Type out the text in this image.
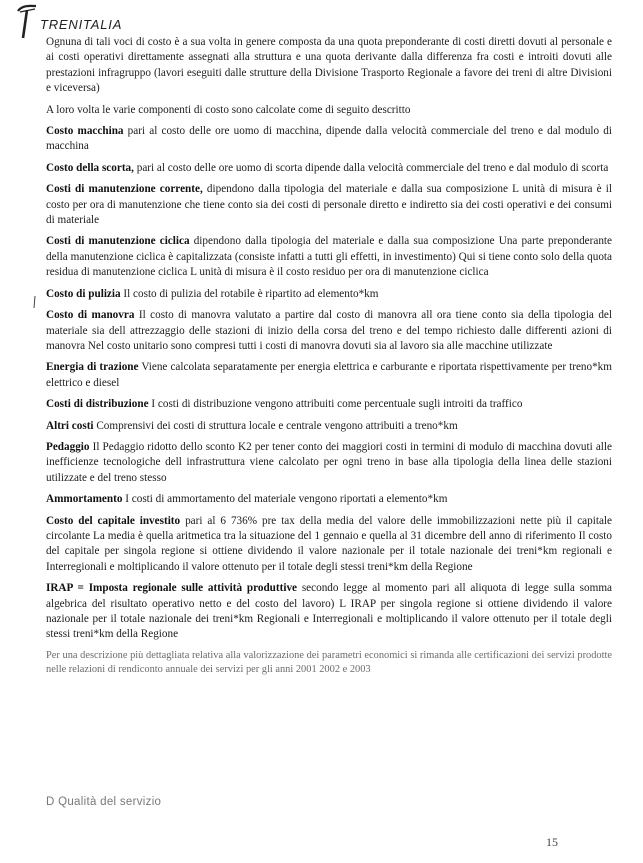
TRENITALIA

Ognuna di tali voci di costo è a sua volta in genere composta da una quota preponderante di costi diretti dovuti al personale e ai costi operativi direttamente assegnati alla struttura e una quota derivante dalla differenza fra costi e introiti dovuti alle prestazioni infragruppo (lavori eseguiti dalle strutture della Divisione Trasporto Regionale a favore dei treni di altre Divisioni e viceversa)

A loro volta le varie componenti di costo sono calcolate come di seguito descritto

Costo macchina pari al costo delle ore uomo di macchina, dipende dalla velocità commerciale del treno e dal modulo di macchina

Costo della scorta, pari al costo delle ore uomo di scorta dipende dalla velocità commerciale del treno e dal modulo di scorta

Costi di manutenzione corrente, dipendono dalla tipologia del materiale e dalla sua composizione L unità di misura è il costo per ora di manutenzione che tiene conto sia dei costi di personale diretto e indiretto sia dei costi operativi e dei consumi di materiale

Costi di manutenzione ciclica dipendono dalla tipologia del materiale e dalla sua composizione Una parte preponderante della manutenzione ciclica è capitalizzata (consiste infatti a tutti gli effetti, in investimento) Qui si tiene conto solo della quota residua di manutenzione ciclica L unità di misura è il costo residuo per ora di manutenzione ciclica

Costo di pulizia Il costo di pulizia del rotabile è ripartito ad elemento*km

Costo di manovra Il costo di manovra valutato a partire dal costo di manovra all ora tiene conto sia della tipologia del materiale sia dell attrezzaggio delle stazioni di inizio della corsa del treno e del tempo richiesto dalle differenti azioni di manovra Nel costo unitario sono compresi tutti i costi di manovra dovuti sia al lavoro sia alle macchine utilizzate

Energia di trazione Viene calcolata separatamente per energia elettrica e carburante e riportata rispettivamente per treno*km elettrico e diesel

Costi di distribuzione I costi di distribuzione vengono attribuiti come percentuale sugli introiti da traffico

Altri costi Comprensivi dei costi di struttura locale e centrale vengono attribuiti a treno*km

Pedaggio Il Pedaggio ridotto dello sconto K2 per tener conto dei maggiori costi in termini di modulo di macchina dovuti alle inefficienze tecnologiche dell infrastruttura viene calcolato per ogni treno in base alla tipologia della linea delle stazioni utilizzate e del treno stesso

Ammortamento I costi di ammortamento del materiale vengono riportati a elemento*km

Costo del capitale investito pari al 6 736% pre tax della media del valore delle immobilizzazioni nette più il capitale circolante La media è quella aritmetica tra la situazione del 1 gennaio e quella al 31 dicembre dell anno di riferimento Il costo del capitale per singola regione si ottiene dividendo il valore nazionale per il totale nazionale dei treni*km regionali e Interregionali e moltiplicando il valore ottenuto per il totale degli stessi treni*km della Regione

IRAP = Imposta regionale sulle attività produttive secondo legge al momento pari all aliquota di legge sulla somma algebrica del risultato operativo netto e del costo del lavoro) L IRAP per singola regione si ottiene dividendo il valore nazionale per il totale nazionale dei treni*km Regionali e Interregionali e moltiplicando il valore ottenuto per il totale degli stessi treni*km della Regione

Per una descrizione più dettagliata relativa alla valorizzazione dei parametri economici si rimanda alle certificazioni dei servizi prodotte nelle relazioni di rendiconto annuale dei servizi per gli anni 2001 2002 e 2003

D Qualità del servizio
15
